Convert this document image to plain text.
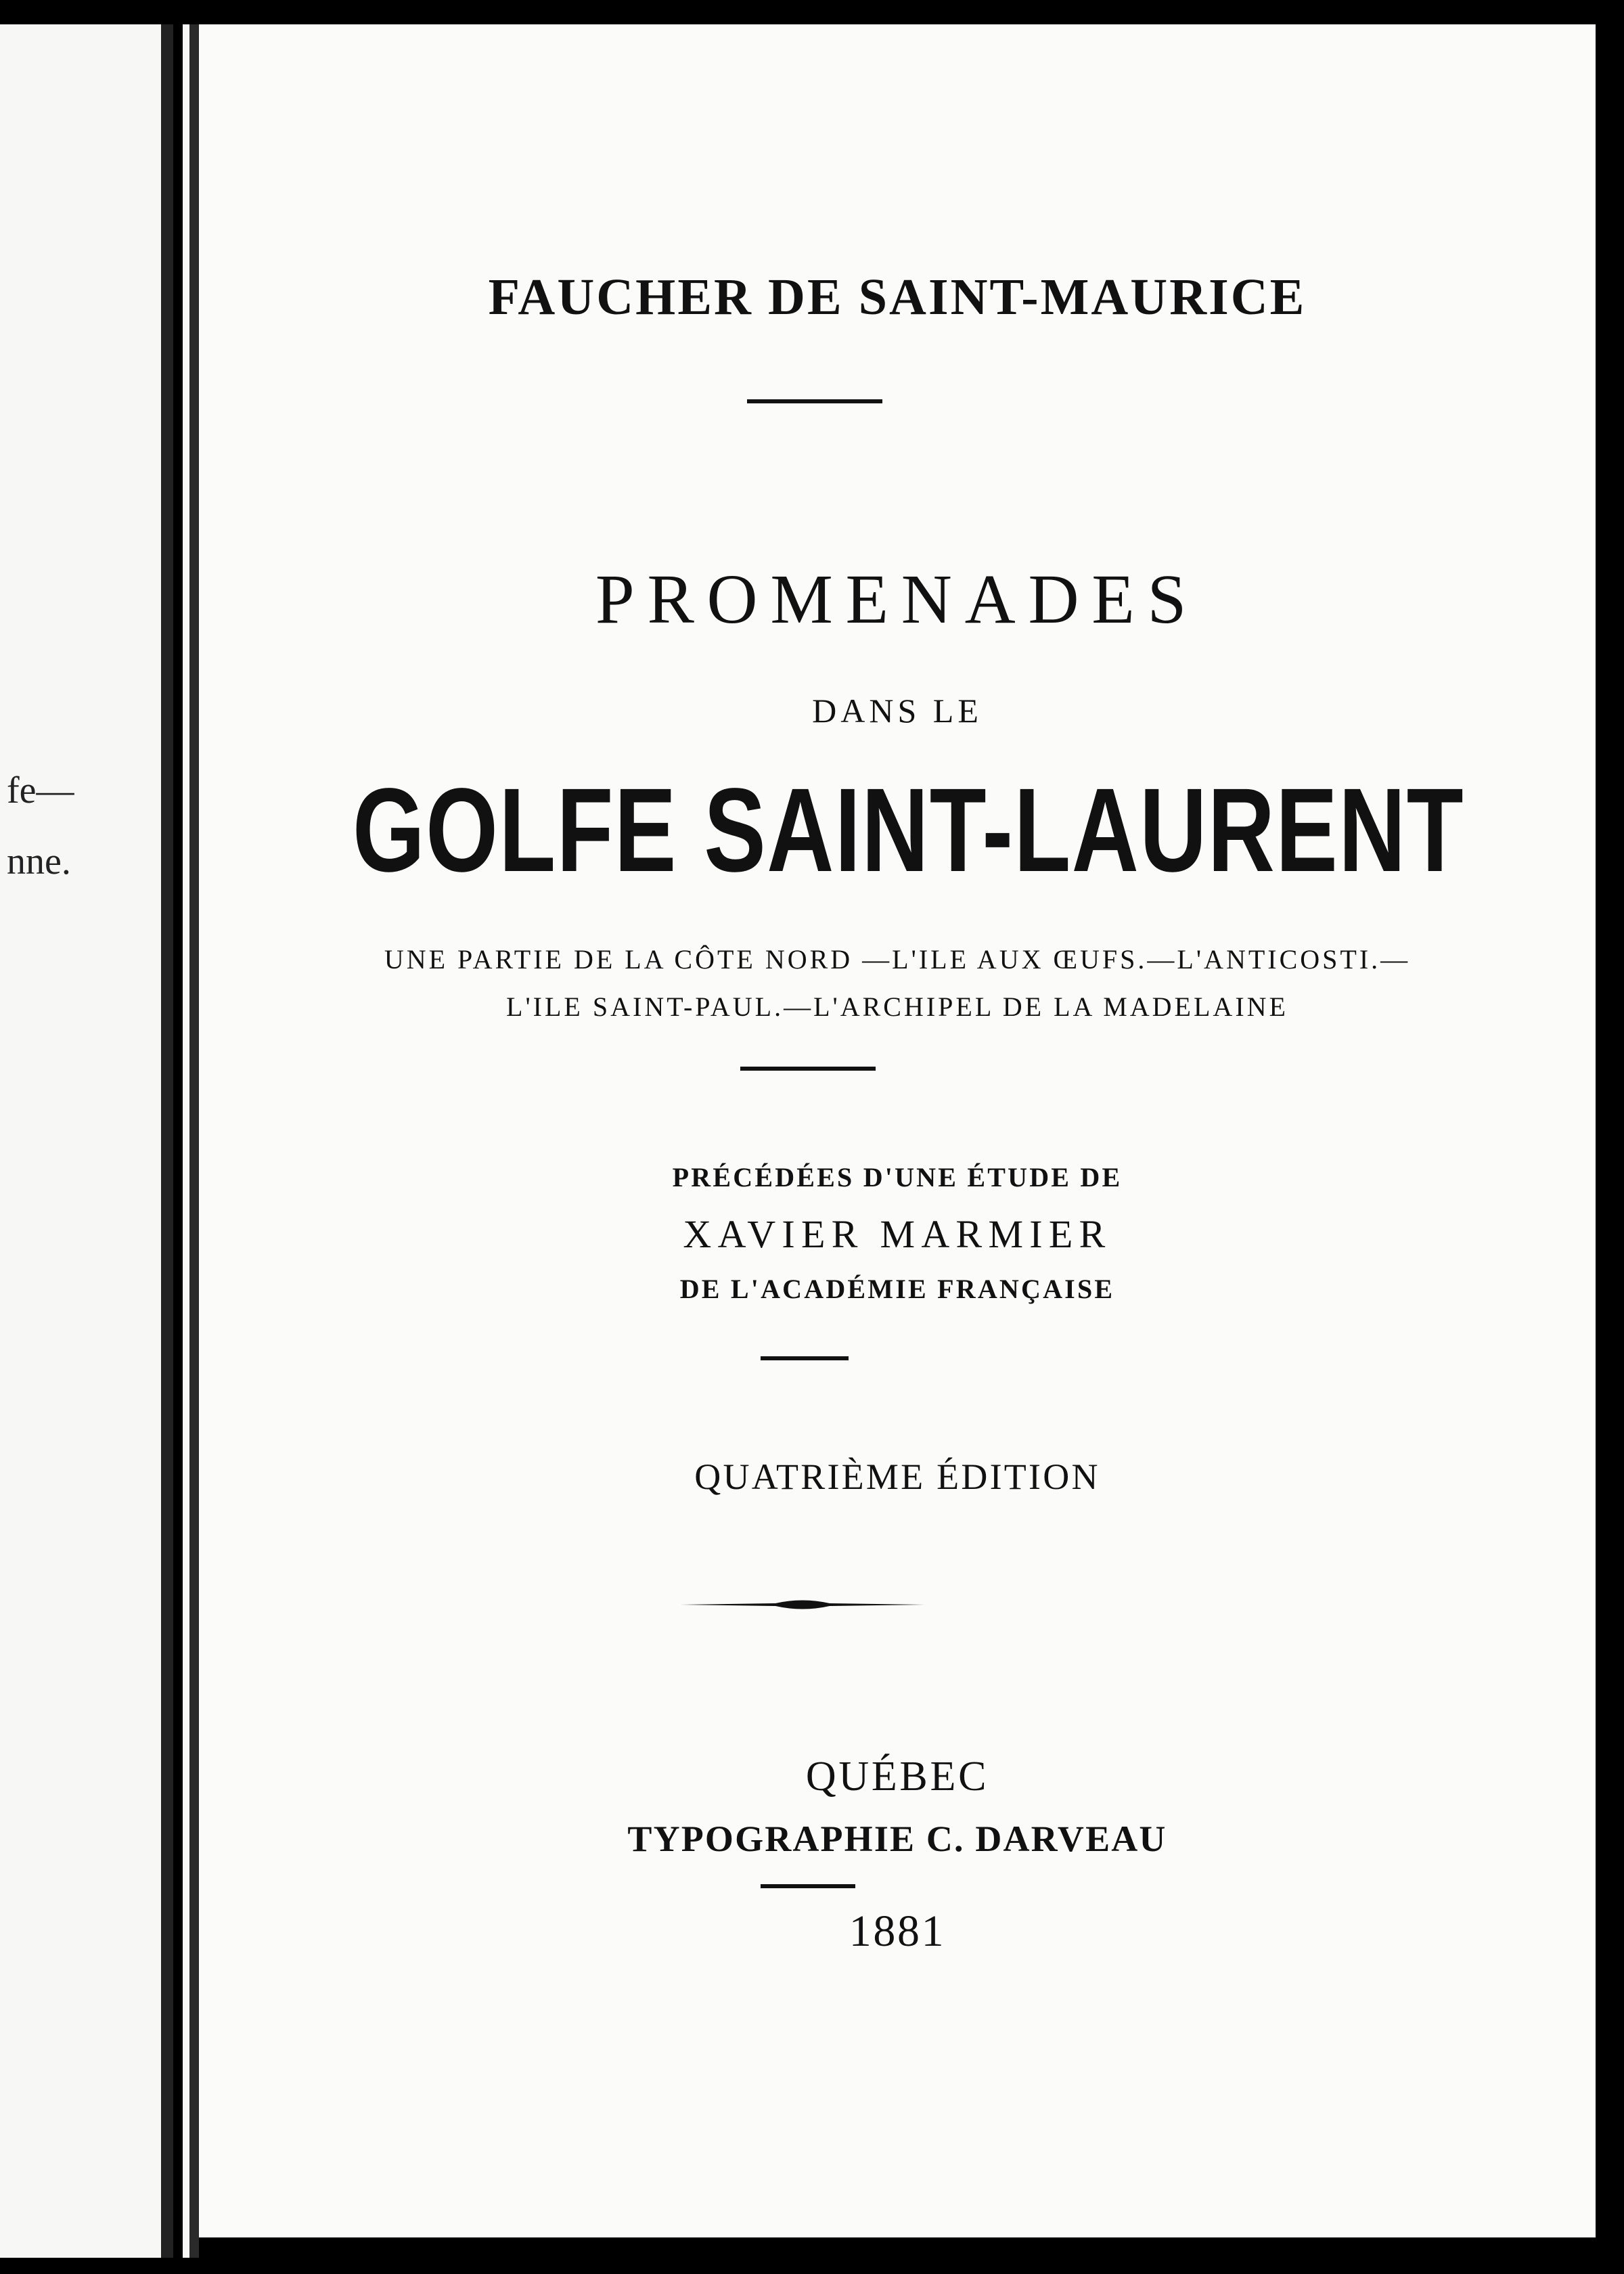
fe—
nne.
FAUCHER DE SAINT-MAURICE
PROMENADES
DANS LE
GOLFE SAINT-LAURENT
UNE PARTIE DE LA CÔTE NORD —L'ILE AUX ŒUFS.—L'ANTICOSTI.—
L'ILE SAINT-PAUL.—L'ARCHIPEL DE LA MADELAINE
PRÉCÉDÉES D'UNE ÉTUDE DE
XAVIER MARMIER
DE L'ACADÉMIE FRANÇAISE
QUATRIÈME ÉDITION
QUÉBEC
TYPOGRAPHIE C. DARVEAU
1881
